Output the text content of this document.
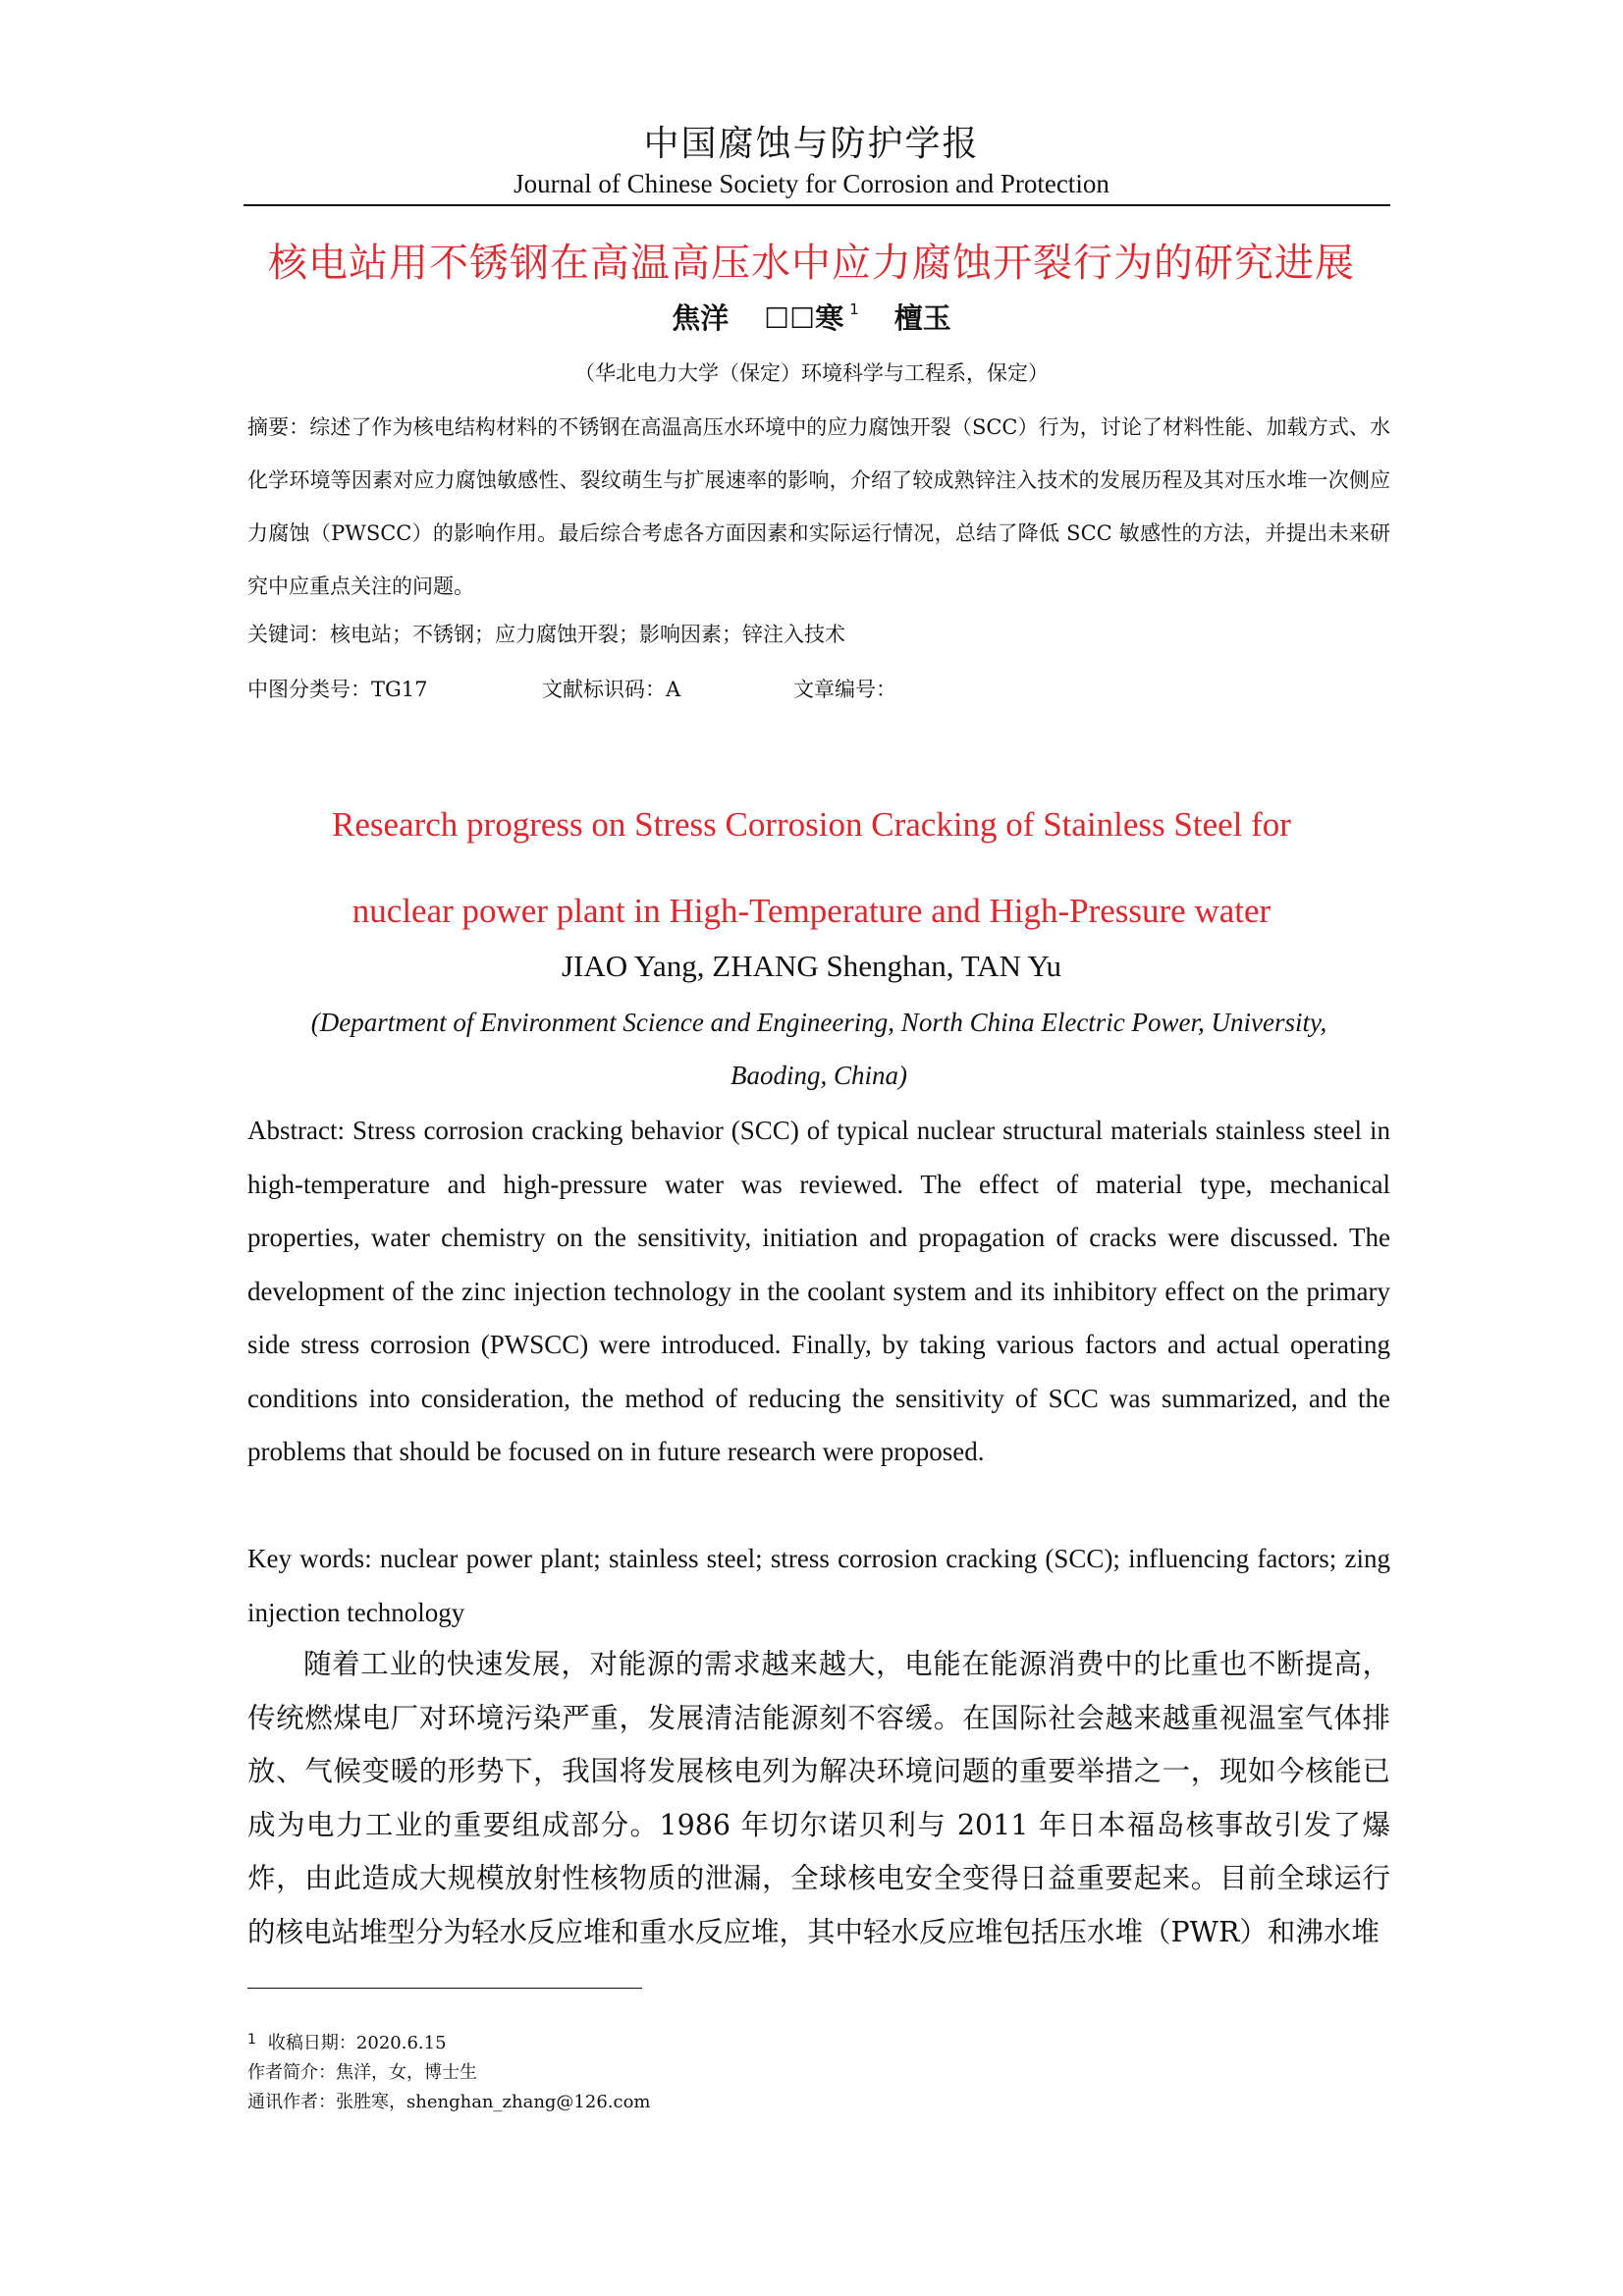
中国腐蚀与防护学报
Journal of Chinese Society for Corrosion and Protection
核电站用不锈钢在高温高压水中应力腐蚀开裂行为的研究进展
焦洋 ☐☐寒 $^1$ 檀玉
（华北电力大学（保定）环境科学与工程系，保定）
摘要：综述了作为核电结构材料的不锈钢在高温高压水环境中的应力腐蚀开裂（SCC）行为，讨论了材料性能、加载方式、水化学环境等因素对应力腐蚀敏感性、裂纹萌生与扩展速率的影响，介绍了较成熟锌注入技术的发展历程及其对压水堆一次侧应力腐蚀（PWSCC）的影响作用。最后综合考虑各方面因素和实际运行情况，总结了降低 SCC 敏感性的方法，并提出未来研究中应重点关注的问题。
关键词：核电站；不锈钢；应力腐蚀开裂；影响因素；锌注入技术
中图分类号：TG17	文献标识码：A	文章编号：
Research progress on Stress Corrosion Cracking of Stainless Steel for
nuclear power plant in High-Temperature and High-Pressure water
JIAO Yang, ZHANG Shenghan, TAN Yu
(Department of Environment Science and Engineering, North China Electric Power, University,
Baoding, China)
Abstract: Stress corrosion cracking behavior (SCC) of typical nuclear structural materials stainless steel in high-temperature and high-pressure water was reviewed. The effect of material type, mechanical properties, water chemistry on the sensitivity, initiation and propagation of cracks were discussed. The development of the zinc injection technology in the coolant system and its inhibitory effect on the primary side stress corrosion (PWSCC) were introduced. Finally, by taking various factors and actual operating conditions into consideration, the method of reducing the sensitivity of SCC was summarized, and the problems that should be focused on in future research were proposed.
Key words: nuclear power plant; stainless steel; stress corrosion cracking (SCC); influencing factors; zing injection technology
随着工业的快速发展，对能源的需求越来越大，电能在能源消费中的比重也不断提高，传统燃煤电厂对环境污染严重，发展清洁能源刻不容缓。在国际社会越来越重视温室气体排放、气候变暖的形势下，我国将发展核电列为解决环境问题的重要举措之一，现如今核能已成为电力工业的重要组成部分。1986 年切尔诺贝利与 2011 年日本福岛核事故引发了爆炸，由此造成大规模放射性核物质的泄漏，全球核电安全变得日益重要起来。目前全球运行的核电站堆型分为轻水反应堆和重水反应堆，其中轻水反应堆包括压水堆（PWR）和沸水堆
$^1$ 收稿日期：2020.6.15
作者简介：焦洋，女，博士生
通讯作者：张胜寒，shenghan_zhang@126.com
